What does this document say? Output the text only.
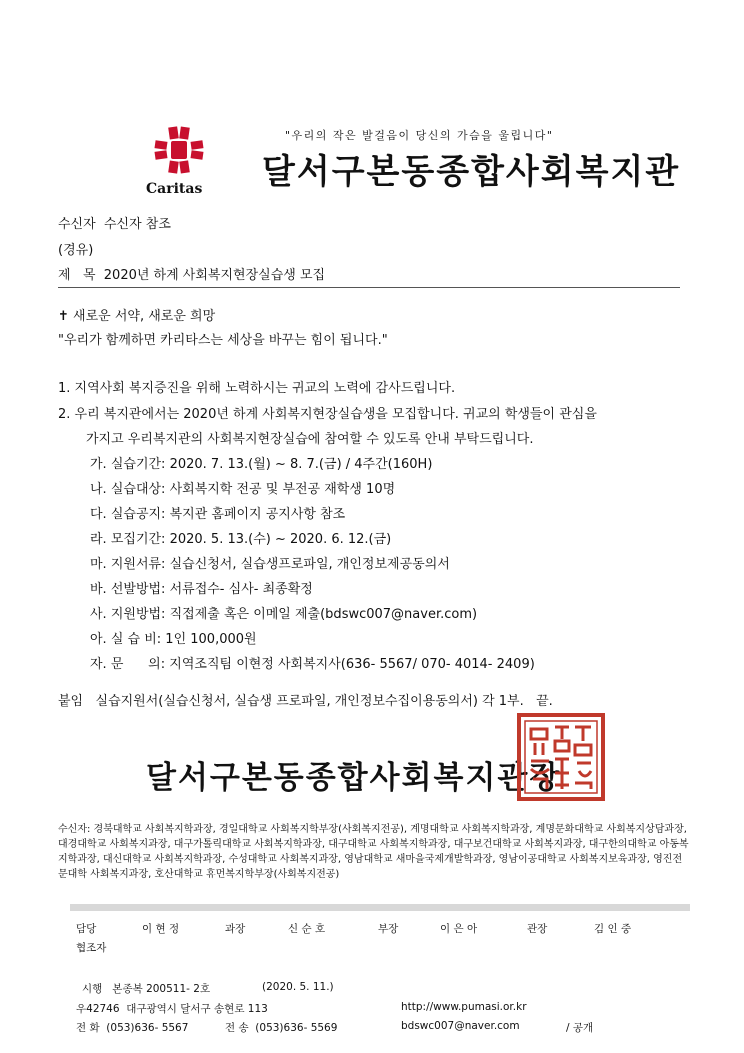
Caritas
"우리의 작은 발걸음이 당신의 가슴을 울립니다"
달서구본동종합사회복지관
수신자 수신자 참조
(경유)
제   목 2020년 하계 사회복지현장실습생 모집
✝ 새로운 서약, 새로운 희망
"우리가 함께하면 카리타스는 세상을 바꾸는 힘이 됩니다."
1. 지역사회 복지증진을 위해 노력하시는 귀교의 노력에 감사드립니다.
2. 우리 복지관에서는 2020년 하계 사회복지현장실습생을 모집합니다. 귀교의 학생들이 관심을
가지고 우리복지관의 사회복지현장실습에 참여할 수 있도록 안내 부탁드립니다.
가. 실습기간: 2020. 7. 13.(월) ~ 8. 7.(금) / 4주간(160H)
나. 실습대상: 사회복지학 전공 및 부전공 재학생 10명
다. 실습공지: 복지관 홈페이지 공지사항 참조
라. 모집기간: 2020. 5. 13.(수) ~ 2020. 6. 12.(금)
마. 지원서류: 실습신청서, 실습생프로파일, 개인정보제공동의서
바. 선발방법: 서류접수- 심사- 최종확정
사. 지원방법: 직접제출 혹은 이메일 제출(bdswc007@naver.com)
아. 실 습 비: 1인 100,000원
자. 문      의: 지역조직팀 이현정 사회복지사(636- 5567/ 070- 4014- 2409)
붙임   실습지원서(실습신청서, 실습생 프로파일, 개인정보수집이용동의서) 각 1부.   끝.
달서구본동종합사회복지관장
수신자: 경북대학교 사회복지학과장, 경일대학교 사회복지학부장(사회복지전공), 계명대학교 사회복지학과장, 계명문화대학교 사회복지상담과장, 대경대학교 사회복지과장, 대구가톨릭대학교 사회복지학과장, 대구대학교 사회복지학과장, 대구보건대학교 사회복지과장, 대구한의대학교 아동복지학과장, 대신대학교 사회복지학과장, 수성대학교 사회복지과장, 영남대학교 새마을국제개발학과장, 영남이공대학교 사회복지보육과장, 영진전문대학 사회복지과장, 호산대학교 휴먼복지학부장(사회복지전공)
담당	이 현 정	과장	신 순 호	부장	이 은 아	관장	김 인 중
협조자
시행   본종복 200511- 2호	(2020. 5. 11.)
우42746  대구광역시 달서구 송현로 113	http://www.pumasi.or.kr
전 화  (053)636- 5567	전 송  (053)636- 5569	bdswc007@naver.com	/ 공개
